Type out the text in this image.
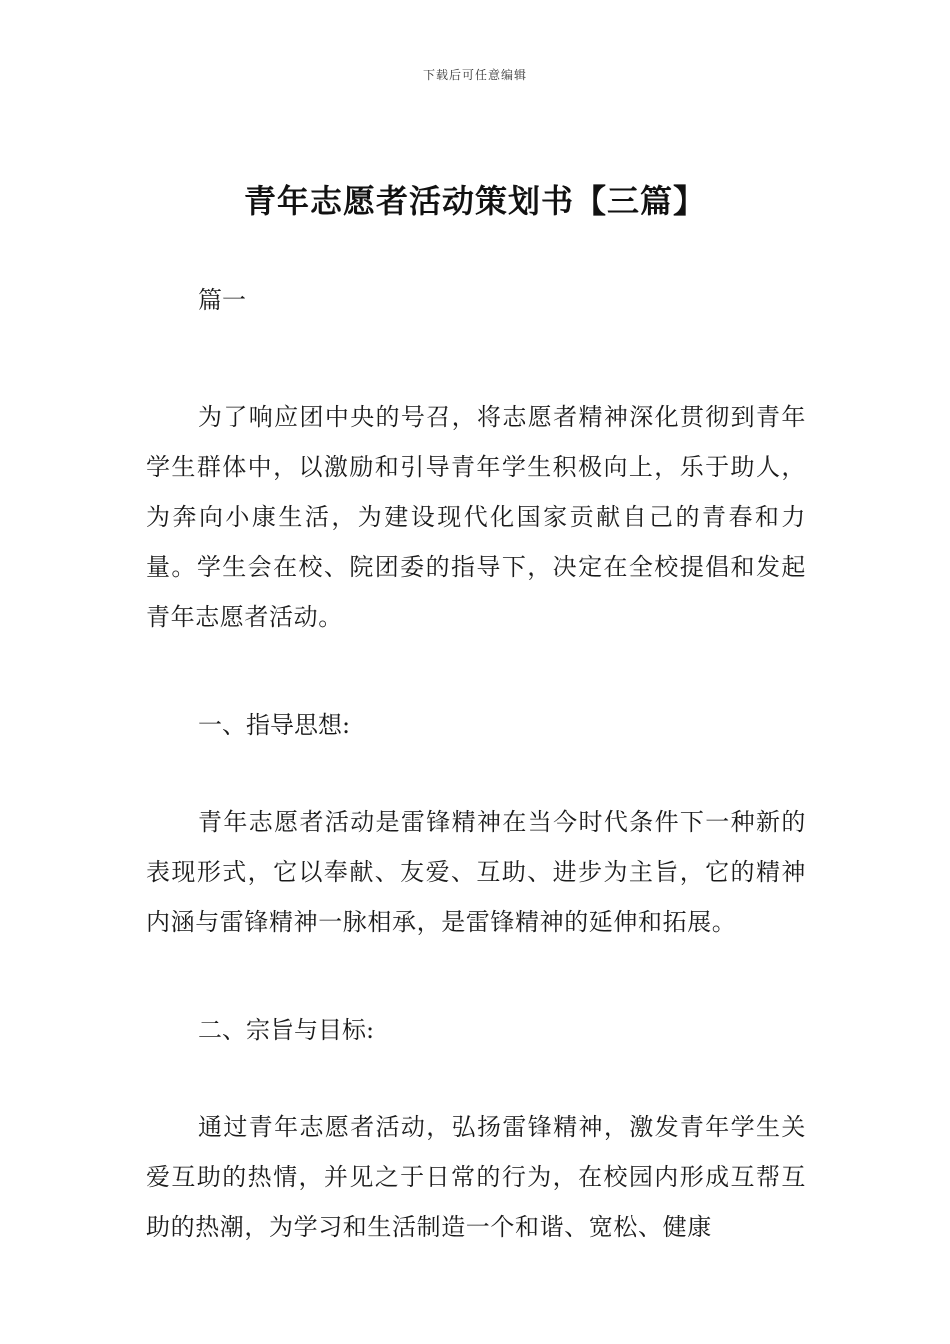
下载后可任意编辑
青年志愿者活动策划书【三篇】

篇一

为了响应团中央的号召，将志愿者精神深化贯彻到青年学生群体中，以激励和引导青年学生积极向上，乐于助人，为奔向小康生活，为建设现代化国家贡献自己的青春和力量。学生会在校、院团委的指导下，决定在全校提倡和发起青年志愿者活动。

一、指导思想:

青年志愿者活动是雷锋精神在当今时代条件下一种新的表现形式，它以奉献、友爱、互助、进步为主旨，它的精神内涵与雷锋精神一脉相承，是雷锋精神的延伸和拓展。

二、宗旨与目标:

通过青年志愿者活动，弘扬雷锋精神，激发青年学生关爱互助的热情，并见之于日常的行为，在校园内形成互帮互助的热潮，为学习和生活制造一个和谐、宽松、健康
